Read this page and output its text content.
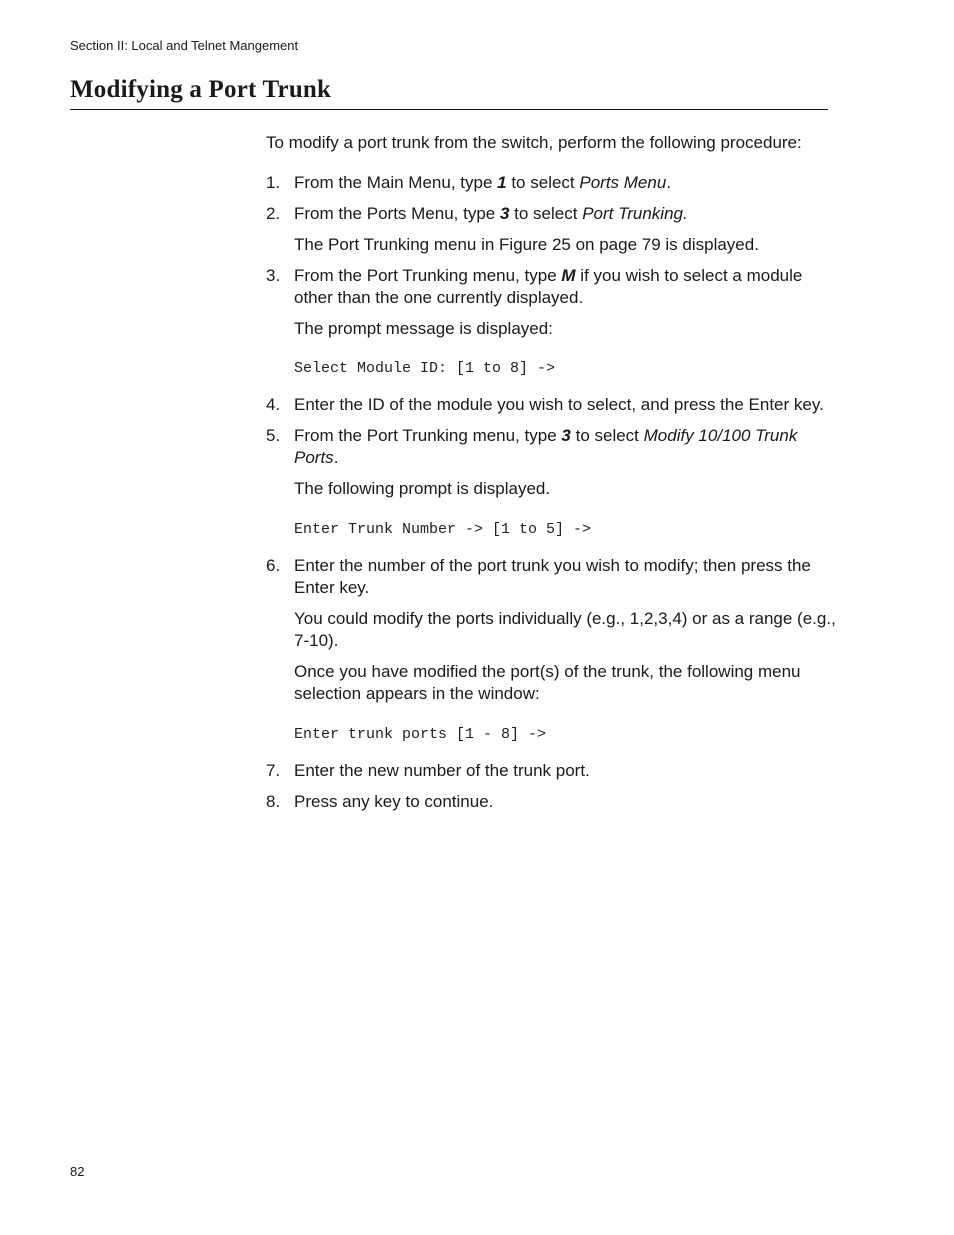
Section II: Local and Telnet Mangement
Modifying a Port Trunk

To modify a port trunk from the switch, perform the following procedure:

1. From the Main Menu, type 1 to select Ports Menu.
2. From the Ports Menu, type 3 to select Port Trunking.

The Port Trunking menu in Figure 25 on page 79 is displayed.

3. From the Port Trunking menu, type M if you wish to select a module other than the one currently displayed.

The prompt message is displayed:

Select Module ID: [1 to 8] ->
4. Enter the ID of the module you wish to select, and press the Enter key.
5. From the Port Trunking menu, type 3 to select Modify 10/100 Trunk Ports.

The following prompt is displayed.

Enter Trunk Number -> [1 to 5] ->
6. Enter the number of the port trunk you wish to modify; then press the Enter key.

You could modify the ports individually (e.g., 1,2,3,4) or as a range (e.g., 7-10).

Once you have modified the port(s) of the trunk, the following menu selection appears in the window:

Enter trunk ports [1 - 8] ->
7. Enter the new number of the trunk port.
8. Press any key to continue.
82
